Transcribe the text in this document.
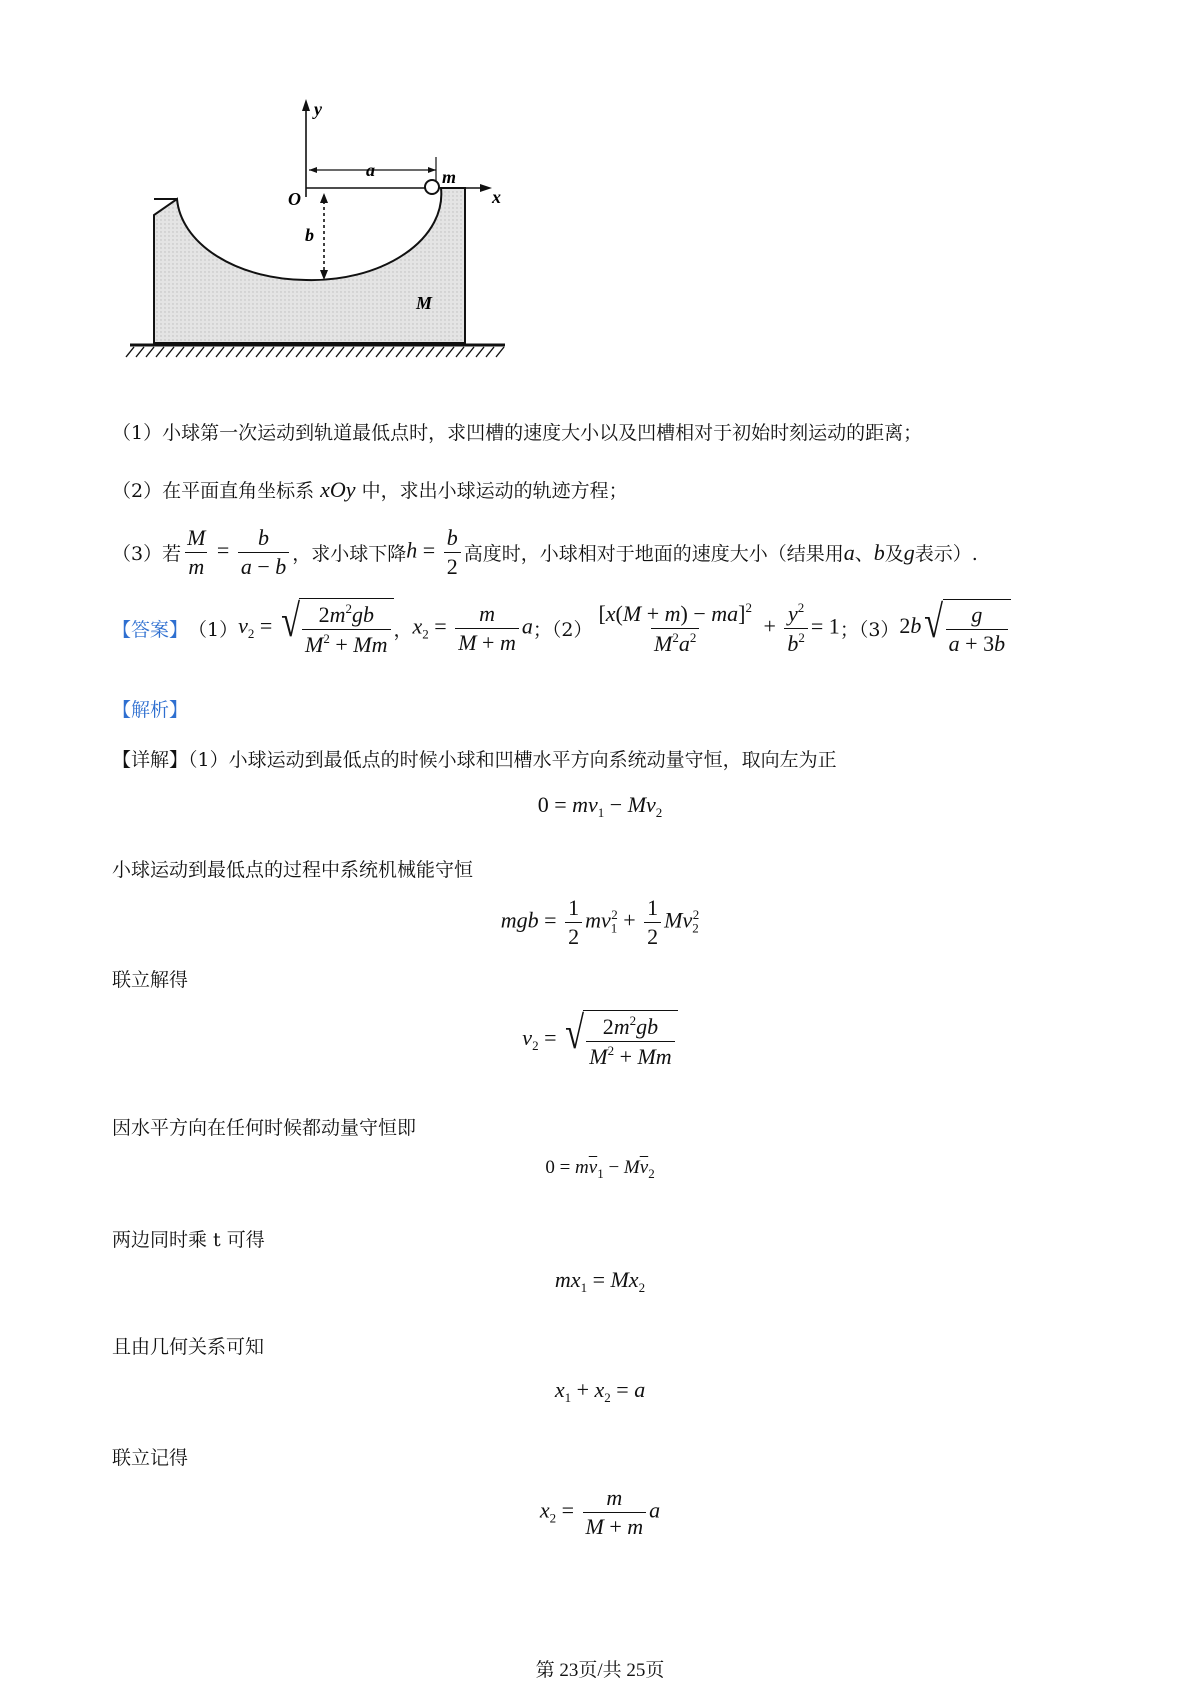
y
x
O
a
b
m
M
（1）小球第一次运动到轨道最低点时，求凹槽的速度大小以及凹槽相对于初始时刻运动的距离；
（2）在平面直角坐标系 xOy 中，求出小球运动的轨迹方程；
（3）若 $\frac{M}{m} = \frac{b}{a - b}$ ，求小球下降 $h = \frac{b}{2}$ 高度时，小球相对于地面的速度大小（结果用 a 、 b 及 g 表示）.
【答案】 （1） $v_2$ = √ $\frac{2m^2gb}{M^2 + Mm}$ ， $x_2 = \frac{m}{M + m}$ a ；$(2) \frac{[x(M + m) - ma]^2}{M^2a^2} + \frac{y^2}{b^2} = 1$ ；（3） 2b √ $\frac{g}{a + 3b}$
【解析】
【详解】（1）小球运动到最低点的时候小球和凹槽水平方向系统动量守恒，取向左为正
$0 = mv_1 - Mv_2$
小球运动到最低点的过程中系统机械能守恒
mgb = $\frac{1}{2} mv_1^2 + \frac{1}{2} Mv_2^2$
联立解得
$v_2$ = √ $\frac{2m^2gb}{M^2 + Mm}$
因水平方向在任何时候都动量守恒即
$0 = m\overline{v}_1 - M\overline{v}_2$
两边同时乘 t 可得
$mx_1 = Mx_2$
且由几何关系可知
$x_1 + x_2 = a$
联立记得
$x_2 = \frac{m}{M + m}$ a
第 23页/共 25页
